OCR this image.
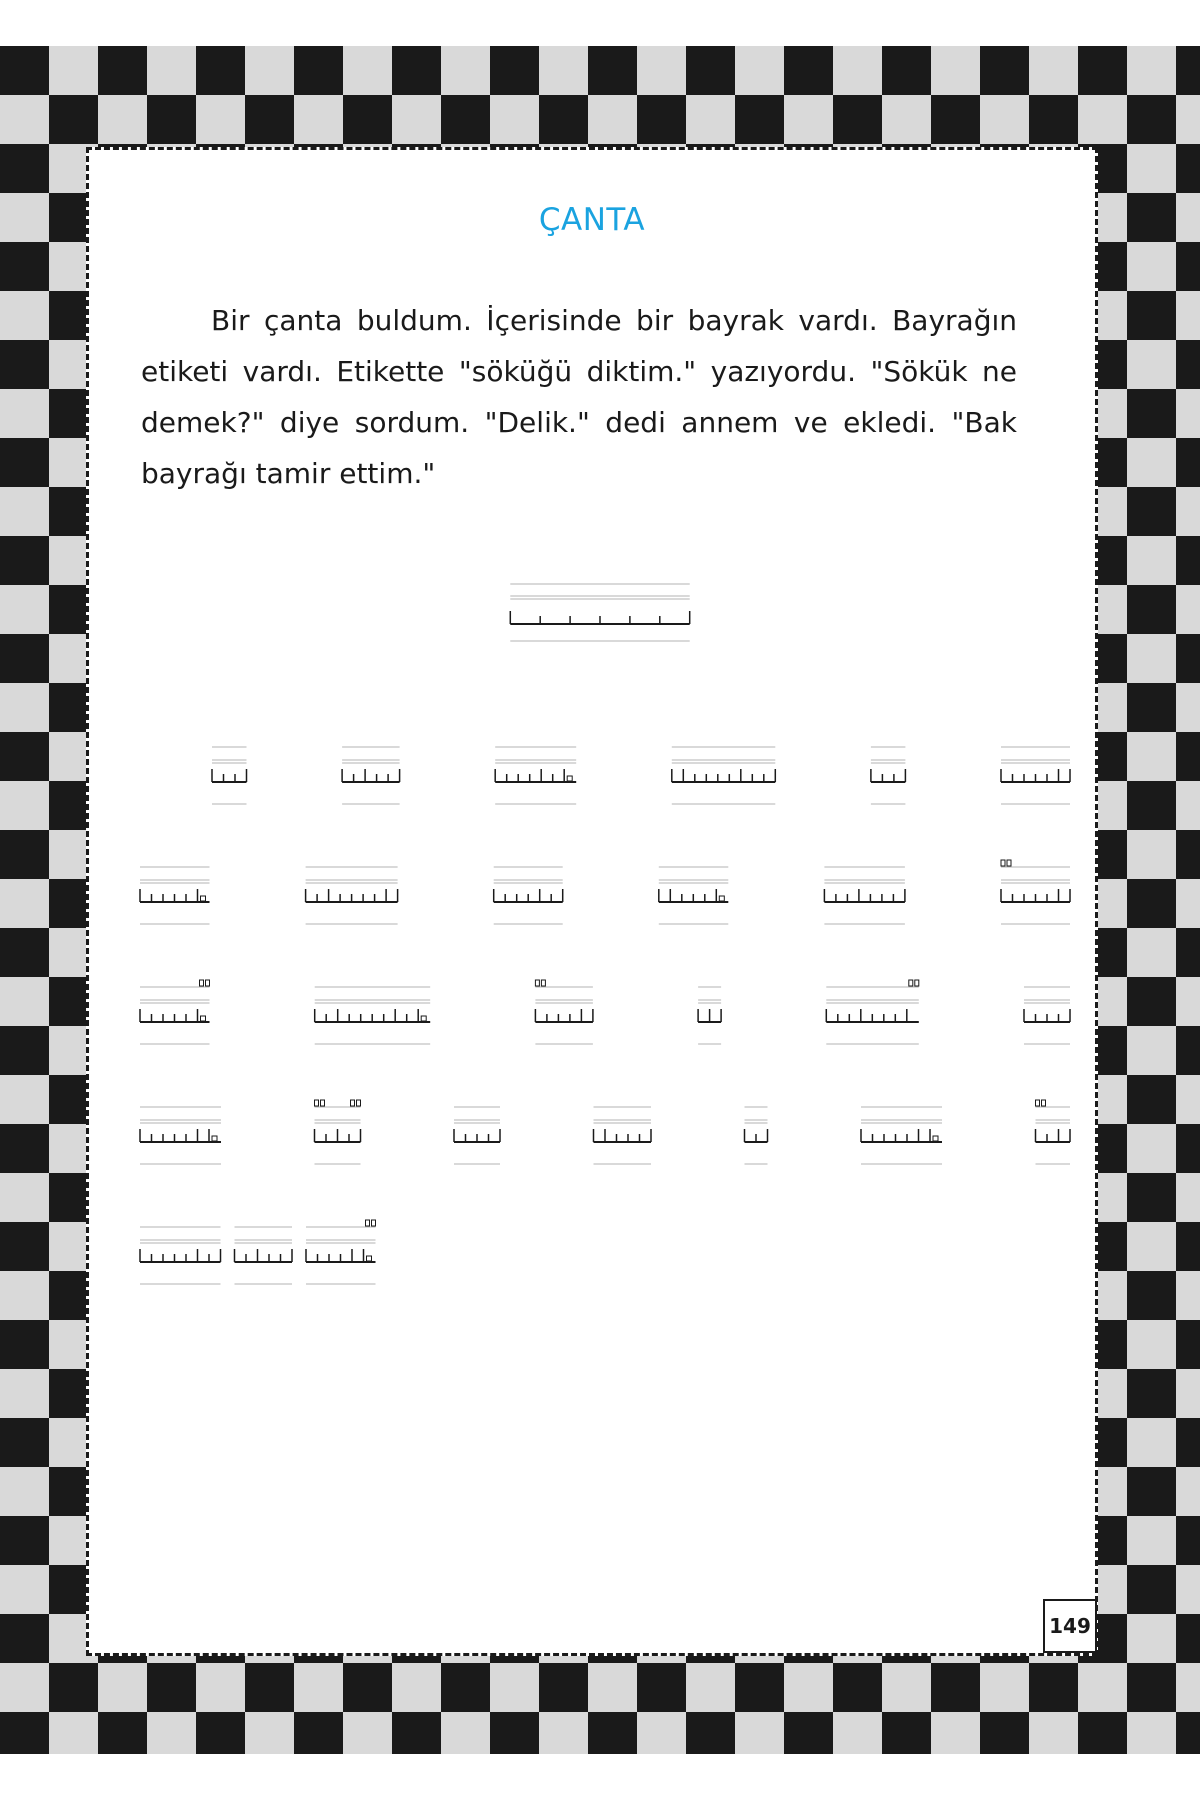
ÇANTA

Bir çanta buldum. İçerisinde bir bayrak vardı. Bayrağın etiketi vardı. Etikette "söküğü diktim." yazıyordu. "Sökük ne demek?" diye sordum. "Delik." dedi annem ve ekledi. "Bak bayrağı tamir ettim."

149
